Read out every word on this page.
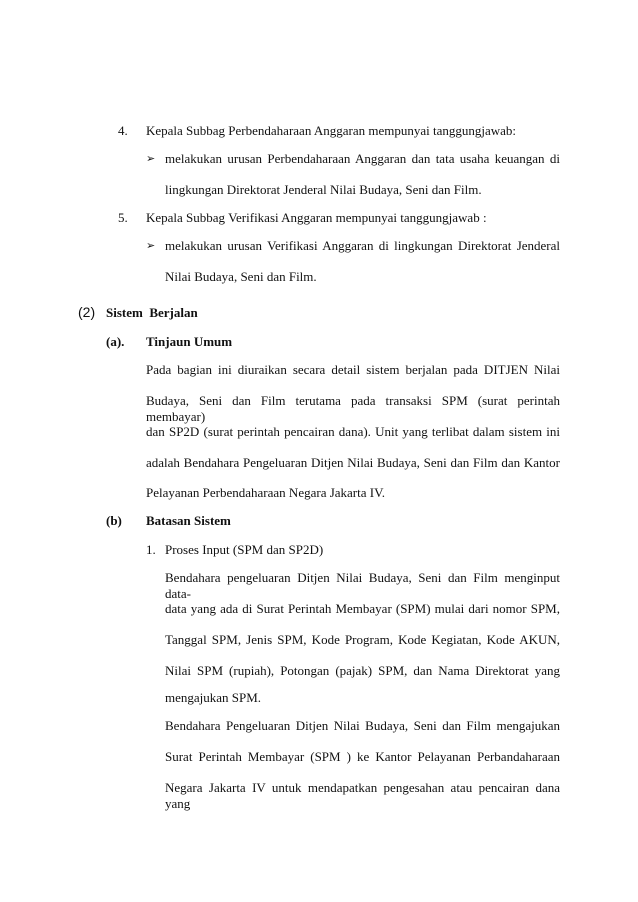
4. Kepala Subbag Perbendaharaan Anggaran mempunyai tanggungjawab:
➢ melakukan urusan Perbendaharaan Anggaran dan tata usaha keuangan di
lingkungan Direktorat Jenderal Nilai Budaya, Seni dan Film.
5. Kepala Subbag Verifikasi Anggaran mempunyai tanggungjawab :
➢ melakukan urusan Verifikasi Anggaran di lingkungan Direktorat Jenderal
Nilai Budaya, Seni dan Film.
(2) Sistem  Berjalan
(a). Tinjaun Umum
Pada bagian ini diuraikan secara detail sistem berjalan pada DITJEN Nilai
Budaya, Seni dan Film terutama pada transaksi SPM (surat perintah membayar)
dan SP2D (surat perintah pencairan dana). Unit yang terlibat dalam sistem ini
adalah Bendahara Pengeluaran Ditjen Nilai Budaya, Seni dan Film dan Kantor
Pelayanan Perbendaharaan Negara Jakarta IV.
(b) Batasan Sistem
1. Proses Input (SPM dan SP2D)
Bendahara pengeluaran Ditjen Nilai Budaya, Seni dan Film menginput data-
data yang ada di Surat Perintah Membayar (SPM) mulai dari nomor SPM,
Tanggal SPM, Jenis SPM, Kode Program, Kode Kegiatan, Kode AKUN,
Nilai SPM (rupiah), Potongan (pajak) SPM, dan Nama Direktorat yang
mengajukan SPM.
Bendahara Pengeluaran Ditjen Nilai Budaya, Seni dan Film mengajukan
Surat Perintah Membayar (SPM ) ke Kantor Pelayanan Perbandaharaan
Negara Jakarta IV untuk mendapatkan pengesahan atau pencairan dana yang
